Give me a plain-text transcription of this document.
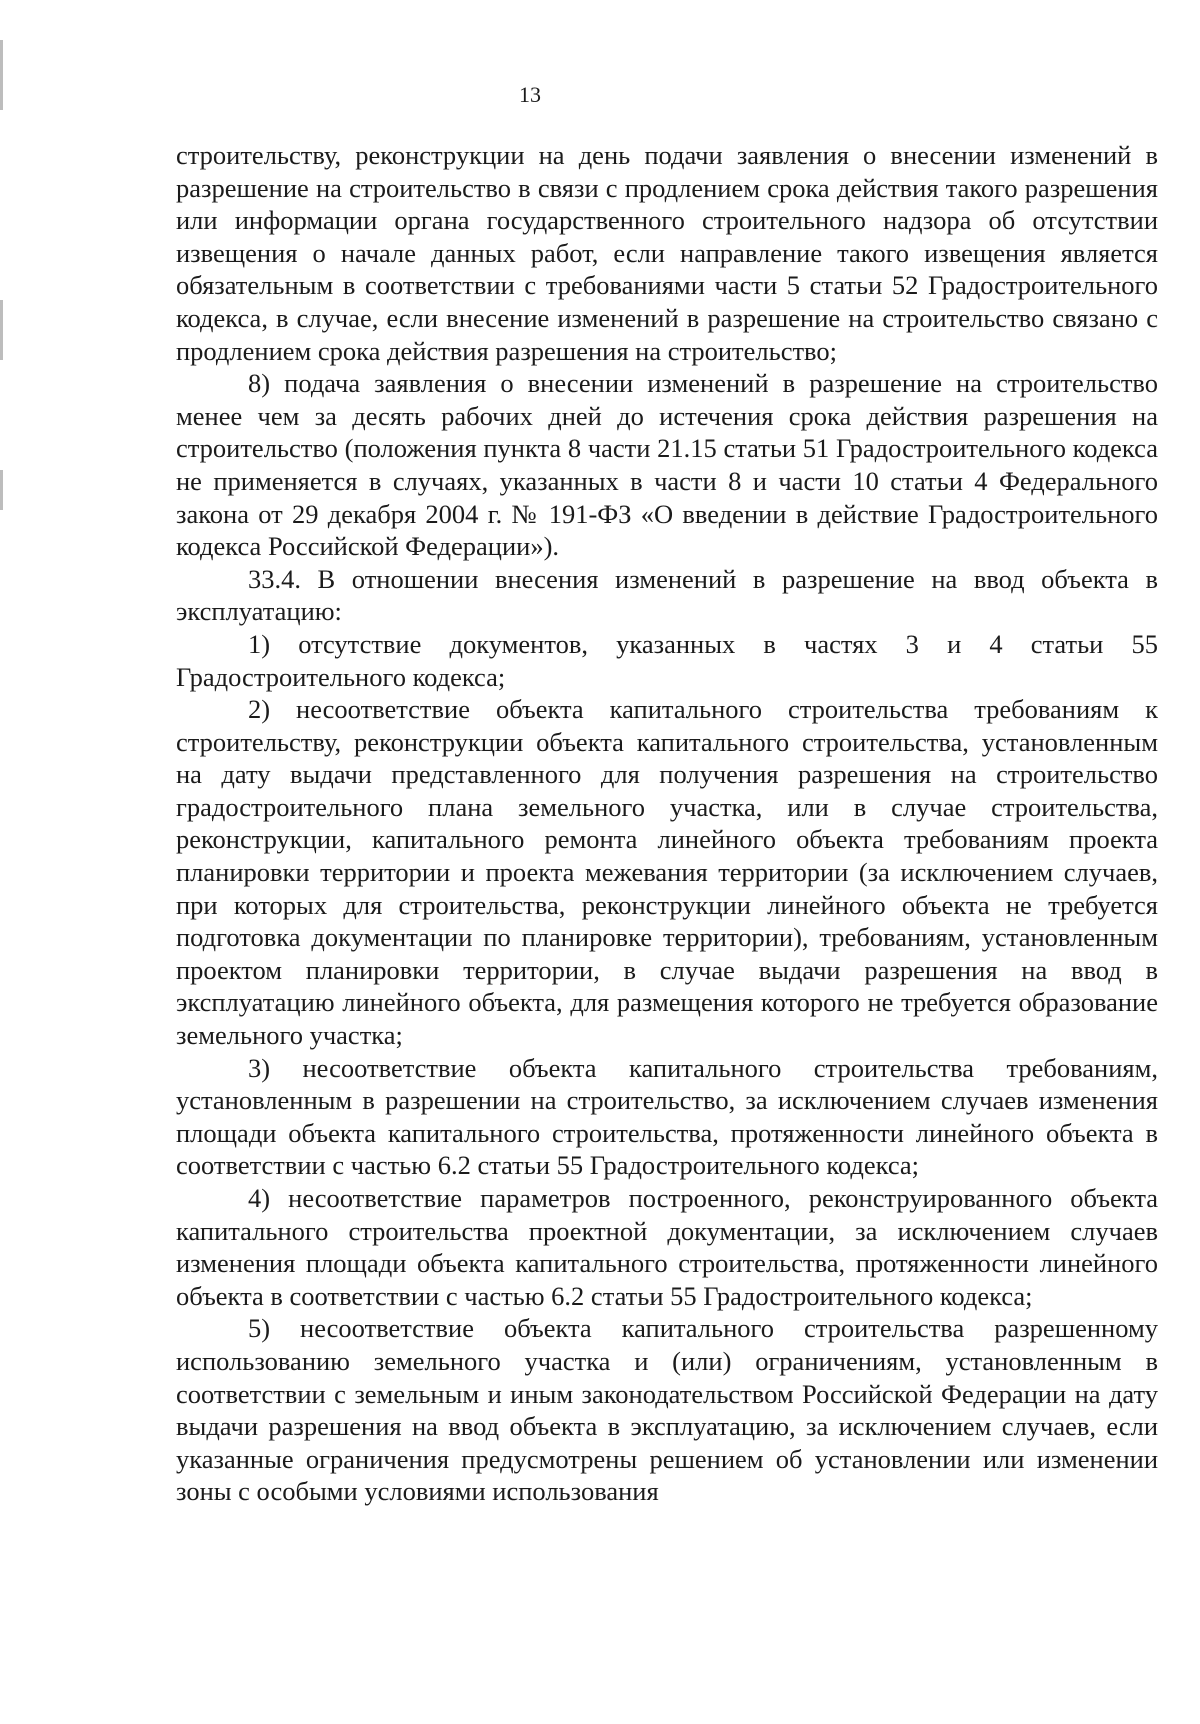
13

строительству, реконструкции на день подачи заявления о внесении изменений в разрешение на строительство в связи с продлением срока действия такого разрешения или информации органа государственного строительного надзора об отсутствии извещения о начале данных работ, если направление такого извещения является обязательным в соответствии с требованиями части 5 статьи 52 Градостроительного кодекса, в случае, если внесение изменений в разрешение на строительство связано с продлением срока действия разрешения на строительство;

8) подача заявления о внесении изменений в разрешение на строительство менее чем за десять рабочих дней до истечения срока действия разрешения на строительство (положения пункта 8 части 21.15 статьи 51 Градостроительного кодекса не применяется в случаях, указанных в части 8 и части 10 статьи 4 Федерального закона от 29 декабря 2004 г. № 191-ФЗ «О введении в действие Градостроительного кодекса Российской Федерации»).

33.4. В отношении внесения изменений в разрешение на ввод объекта в эксплуатацию:

1) отсутствие документов, указанных в частях 3 и 4 статьи 55 Градостроительного кодекса;

2) несоответствие объекта капитального строительства требованиям к строительству, реконструкции объекта капитального строительства, установленным на дату выдачи представленного для получения разрешения на строительство градостроительного плана земельного участка, или в случае строительства, реконструкции, капитального ремонта линейного объекта требованиям проекта планировки территории и проекта межевания территории (за исключением случаев, при которых для строительства, реконструкции линейного объекта не требуется подготовка документации по планировке территории), требованиям, установленным проектом планировки территории, в случае выдачи разрешения на ввод в эксплуатацию линейного объекта, для размещения которого не требуется образование земельного участка;

3) несоответствие объекта капитального строительства требованиям, установленным в разрешении на строительство, за исключением случаев изменения площади объекта капитального строительства, протяженности линейного объекта в соответствии с частью 6.2 статьи 55 Градостроительного кодекса;

4) несоответствие параметров построенного, реконструированного объекта капитального строительства проектной документации, за исключением случаев изменения площади объекта капитального строительства, протяженности линейного объекта в соответствии с частью 6.2 статьи 55 Градостроительного кодекса;

5) несоответствие объекта капитального строительства разрешенному использованию земельного участка и (или) ограничениям, установленным в соответствии с земельным и иным законодательством Российской Федерации на дату выдачи разрешения на ввод объекта в эксплуатацию, за исключением случаев, если указанные ограничения предусмотрены решением об установлении или изменении зоны с особыми условиями использования
